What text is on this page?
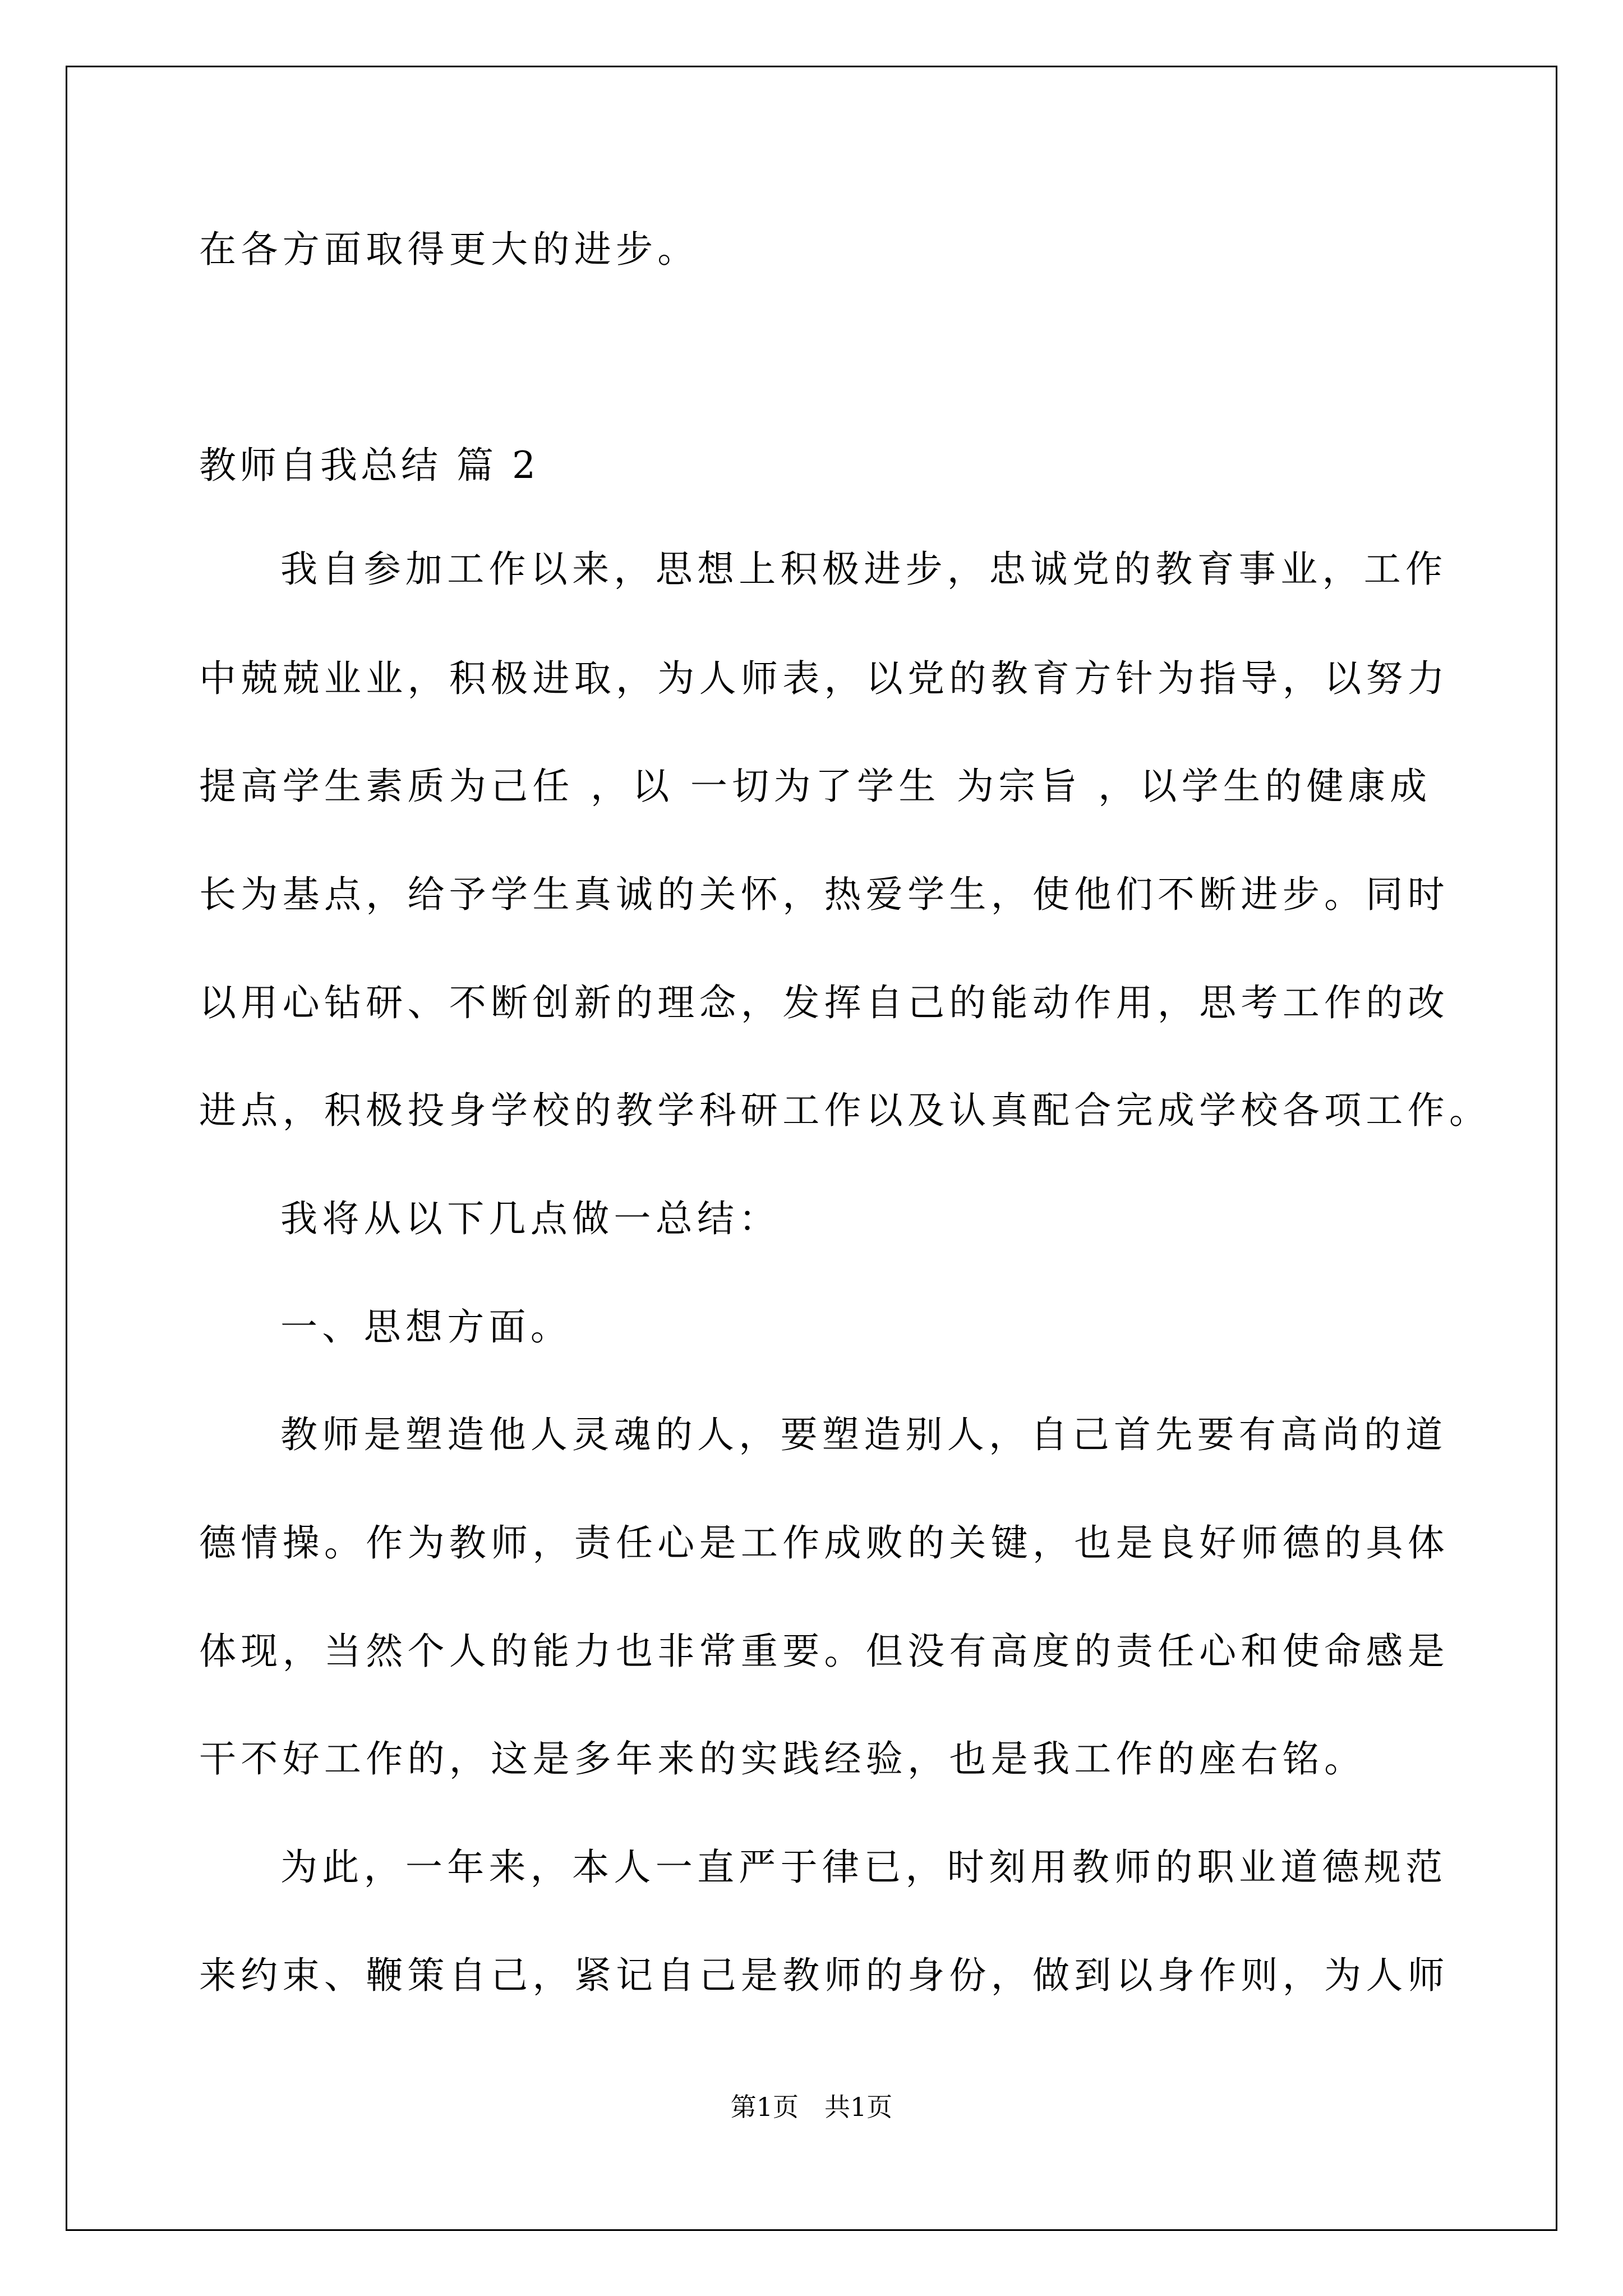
在各方面取得更大的进步。
教师自我总结 篇 2
我自参加工作以来，思想上积极进步，忠诚党的教育事业，工作
中兢兢业业，积极进取，为人师表，以党的教育方针为指导，以努力
提高学生素质为己任 ，以 一切为了学生 为宗旨 ，以学生的健康成
长为基点，给予学生真诚的关怀，热爱学生，使他们不断进步。同时
以用心钻研、不断创新的理念，发挥自己的能动作用，思考工作的改
进点，积极投身学校的教学科研工作以及认真配合完成学校各项工作。
我将从以下几点做一总结：
一、思想方面。
教师是塑造他人灵魂的人，要塑造别人，自己首先要有高尚的道
德情操。作为教师，责任心是工作成败的关键，也是良好师德的具体
体现，当然个人的能力也非常重要。但没有高度的责任心和使命感是
干不好工作的，这是多年来的实践经验，也是我工作的座右铭。
为此，一年来，本人一直严于律已，时刻用教师的职业道德规范
来约束、鞭策自己，紧记自己是教师的身份，做到以身作则，为人师
第1页　共1页
